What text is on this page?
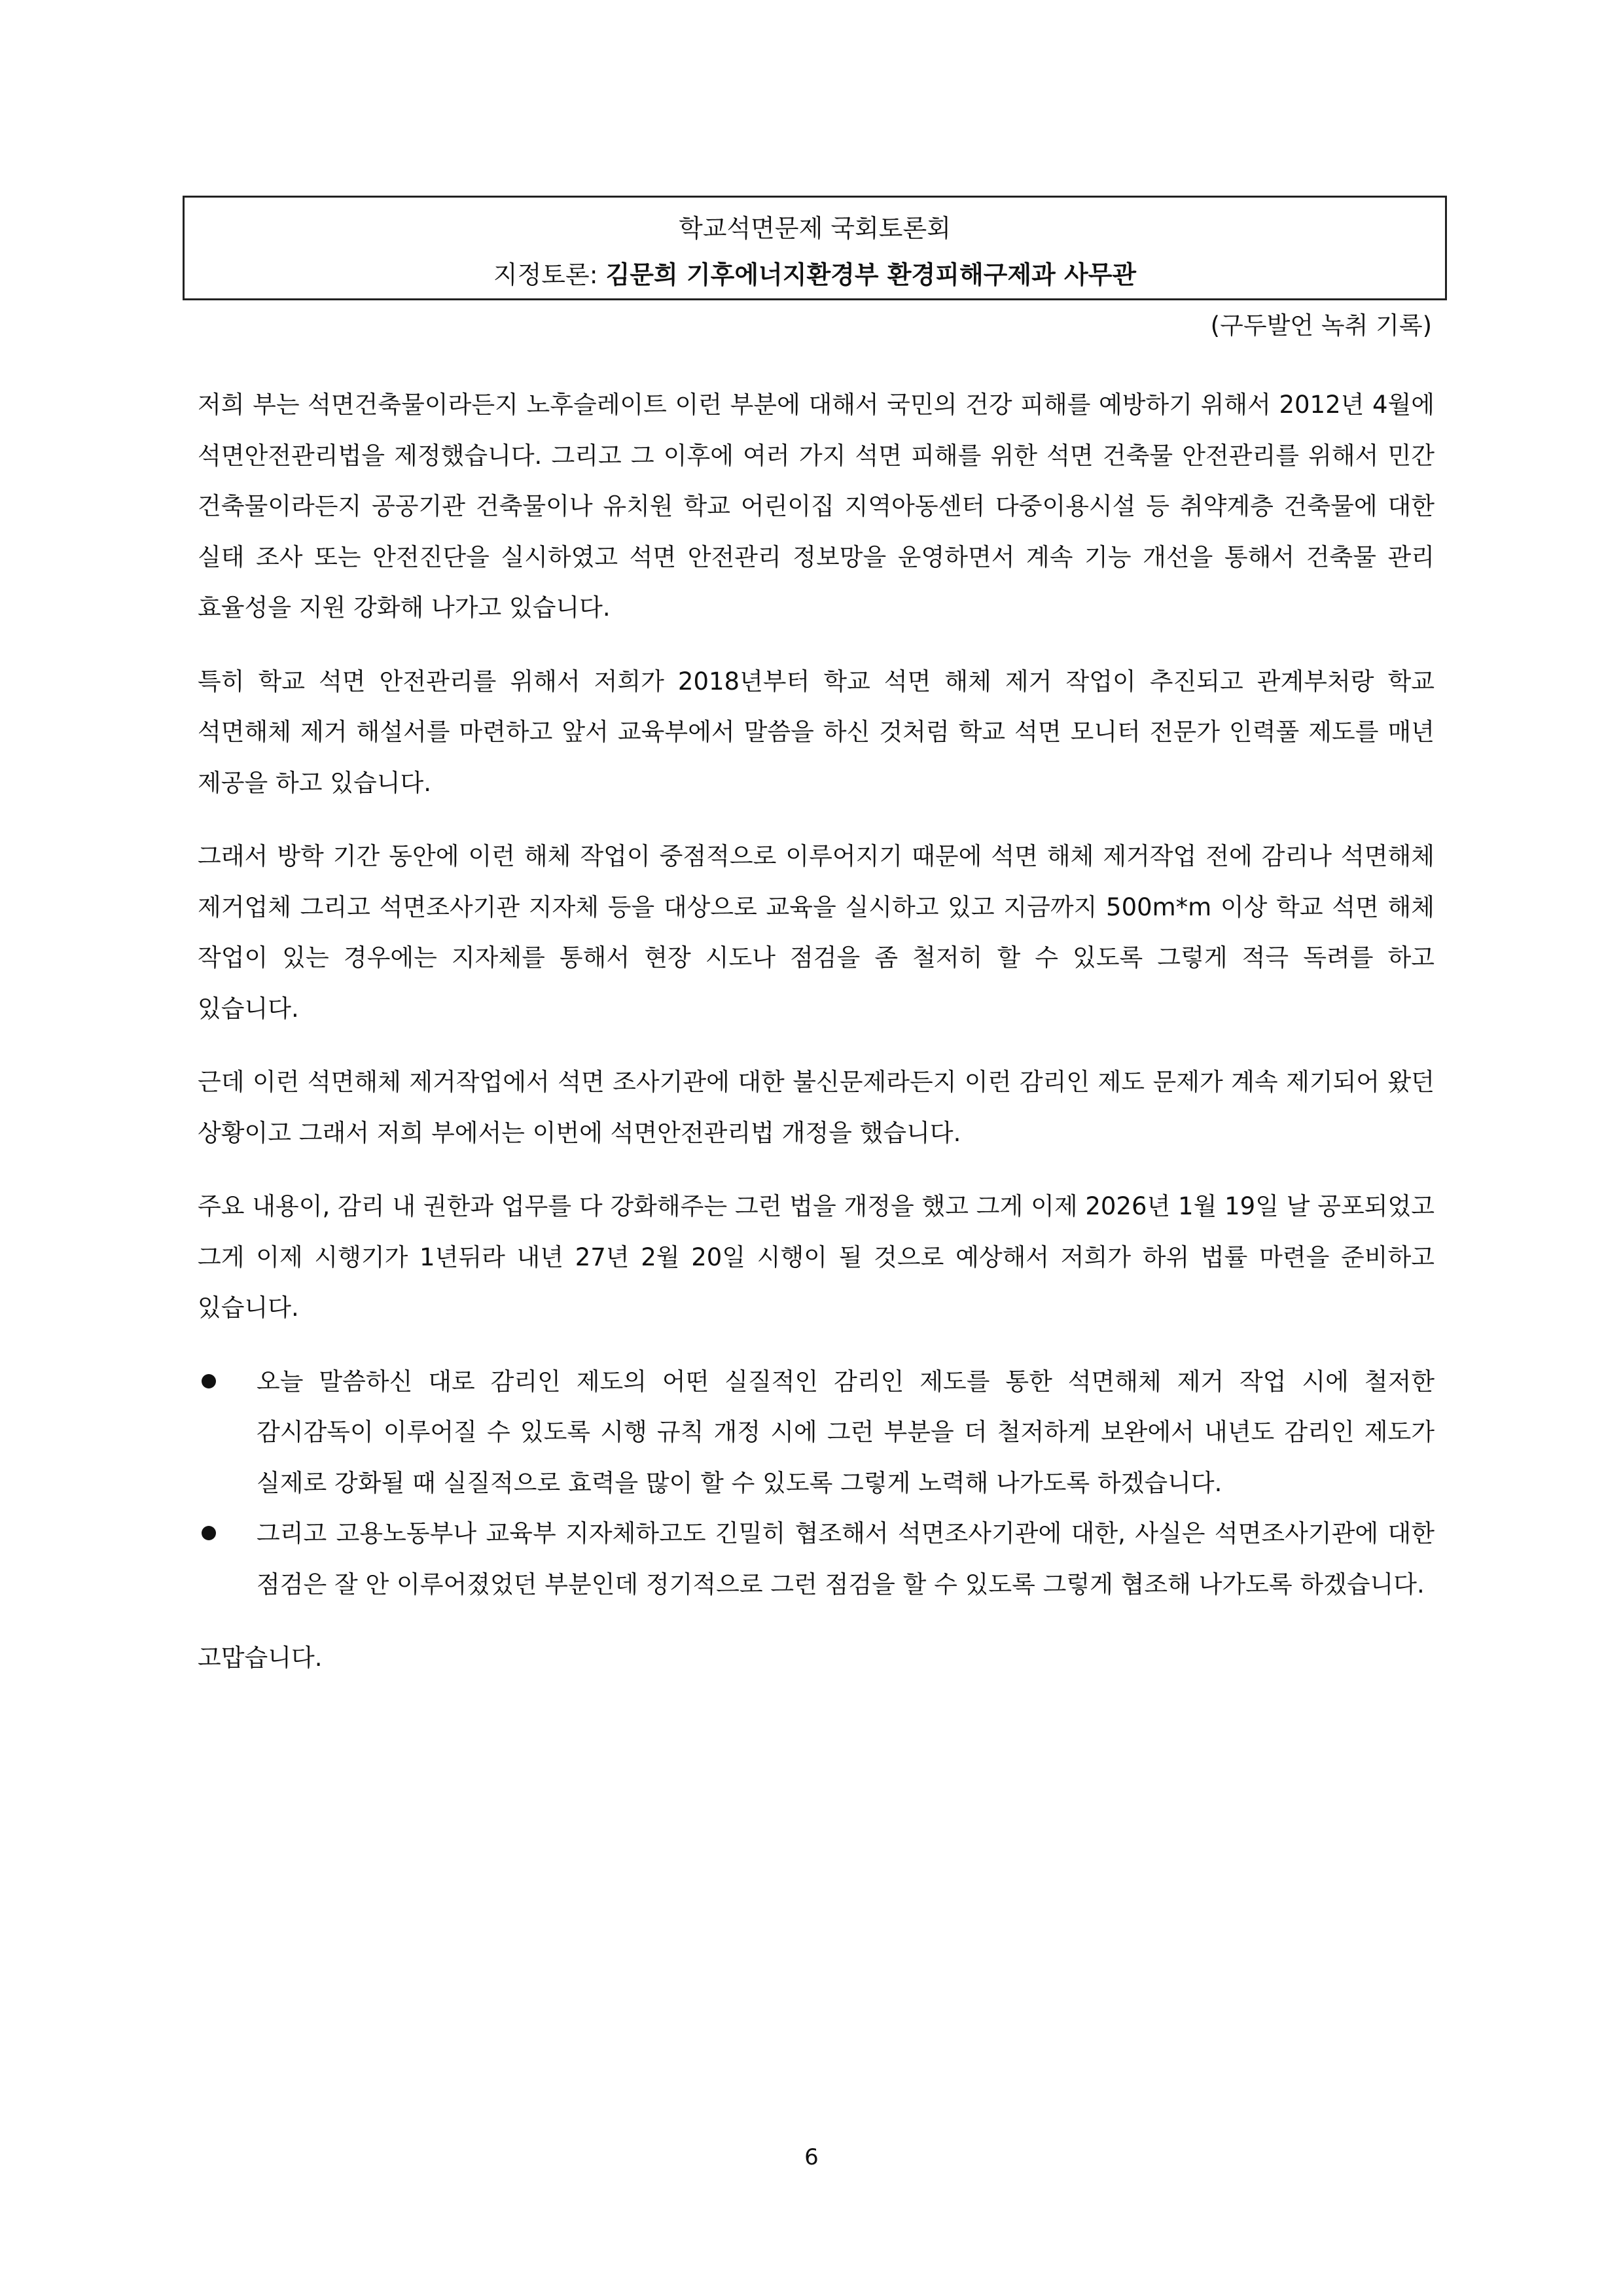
학교석면문제 국회토론회
지정토론: 김문희 기후에너지환경부 환경피해구제과 사무관
(구두발언 녹취 기록)

저희 부는 석면건축물이라든지 노후슬레이트 이런 부분에 대해서 국민의 건강 피해를 예방하기 위해서 2012년 4월에 석면안전관리법을 제정했습니다. 그리고 그 이후에 여러 가지 석면 피해를 위한 석면 건축물 안전관리를 위해서 민간 건축물이라든지 공공기관 건축물이나 유치원 학교 어린이집 지역아동센터 다중이용시설 등 취약계층 건축물에 대한 실태 조사 또는 안전진단을 실시하였고 석면 안전관리 정보망을 운영하면서 계속 기능 개선을 통해서 건축물 관리 효율성을 지원 강화해 나가고 있습니다.

특히 학교 석면 안전관리를 위해서 저희가 2018년부터 학교 석면 해체 제거 작업이 추진되고 관계부처랑 학교 석면해체 제거 해설서를 마련하고 앞서 교육부에서 말씀을 하신 것처럼 학교 석면 모니터 전문가 인력풀 제도를 매년 제공을 하고 있습니다.

그래서 방학 기간 동안에 이런 해체 작업이 중점적으로 이루어지기 때문에 석면 해체 제거작업 전에 감리나 석면해체 제거업체 그리고 석면조사기관 지자체 등을 대상으로 교육을 실시하고 있고 지금까지 500m*m 이상 학교 석면 해체 작업이 있는 경우에는 지자체를 통해서 현장 시도나 점검을 좀 철저히 할 수 있도록 그렇게 적극 독려를 하고 있습니다.

근데 이런 석면해체 제거작업에서 석면 조사기관에 대한 불신문제라든지 이런 감리인 제도 문제가 계속 제기되어 왔던 상황이고 그래서 저희 부에서는 이번에 석면안전관리법 개정을 했습니다.

주요 내용이, 감리 내 권한과 업무를 다 강화해주는 그런 법을 개정을 했고 그게 이제 2026년 1월 19일 날 공포되었고 그게 이제 시행기가 1년뒤라 내년 27년 2월 20일 시행이 될 것으로 예상해서 저희가 하위 법률 마련을 준비하고 있습니다.

오늘 말씀하신 대로 감리인 제도의 어떤 실질적인 감리인 제도를 통한 석면해체 제거 작업 시에 철저한 감시감독이 이루어질 수 있도록 시행 규칙 개정 시에 그런 부분을 더 철저하게 보완에서 내년도 감리인 제도가 실제로 강화될 때 실질적으로 효력을 많이 할 수 있도록 그렇게 노력해 나가도록 하겠습니다.
그리고 고용노동부나 교육부 지자체하고도 긴밀히 협조해서 석면조사기관에 대한, 사실은 석면조사기관에 대한 점검은 잘 안 이루어졌었던 부분인데 정기적으로 그런 점검을 할 수 있도록 그렇게 협조해 나가도록 하겠습니다.

고맙습니다.

6
